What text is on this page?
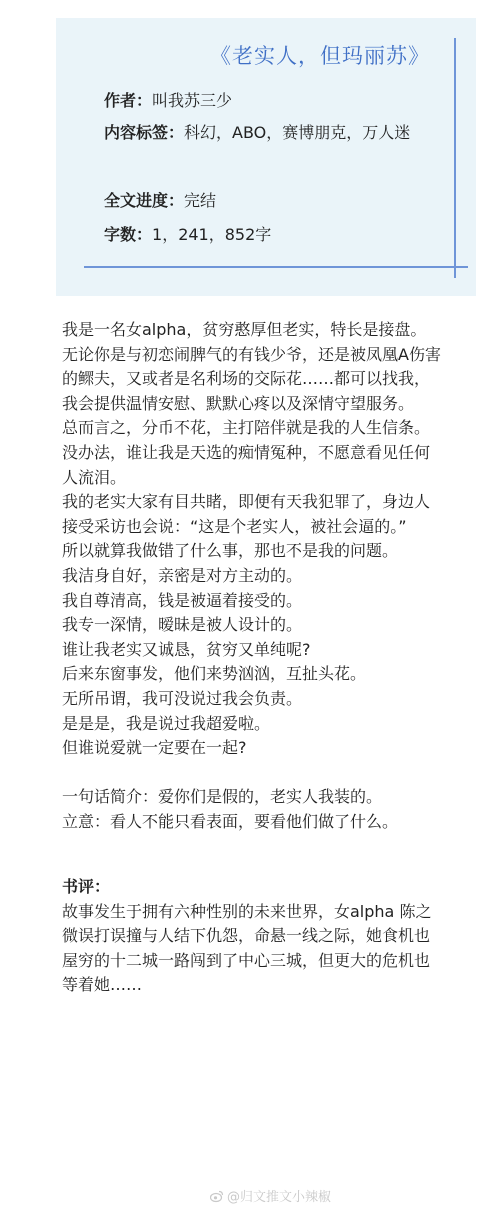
《老实人，但玛丽苏》
作者：叫我苏三少
内容标签：科幻，ABO，赛博朋克，万人迷
全文进度：完结
字数：1，241，852字

我是一名女alpha，贫穷憨厚但老实，特长是接盘。无论你是与初恋闹脾气的有钱少爷，还是被凤凰A伤害的鳏夫，又或者是名利场的交际花……都可以找我，我会提供温情安慰、默默心疼以及深情守望服务。

总而言之，分币不花，主打陪伴就是我的人生信条。没办法，谁让我是天选的痴情冤种，不愿意看见任何人流泪。

我的老实大家有目共睹，即便有天我犯罪了，身边人接受采访也会说：“这是个老实人，被社会逼的。”

所以就算我做错了什么事，那也不是我的问题。

我洁身自好，亲密是对方主动的。

我自尊清高，钱是被逼着接受的。

我专一深情，暧昧是被人设计的。

谁让我老实又诚恳，贫穷又单纯呢?

后来东窗事发，他们来势汹汹，互扯头花。

无所吊谓，我可没说过我会负责。

是是是，我是说过我超爱啦。

但谁说爱就一定要在一起?

一句话简介：爱你们是假的，老实人我装的。

立意：看人不能只看表面，要看他们做了什么。

书评：

故事发生于拥有六种性别的未来世界，女alpha 陈之微误打误撞与人结下仇怨，命悬一线之际，她食机也屋穷的十二城一路闯到了中心三城，但更大的危机也等着她……

@归文推文小辣椒
